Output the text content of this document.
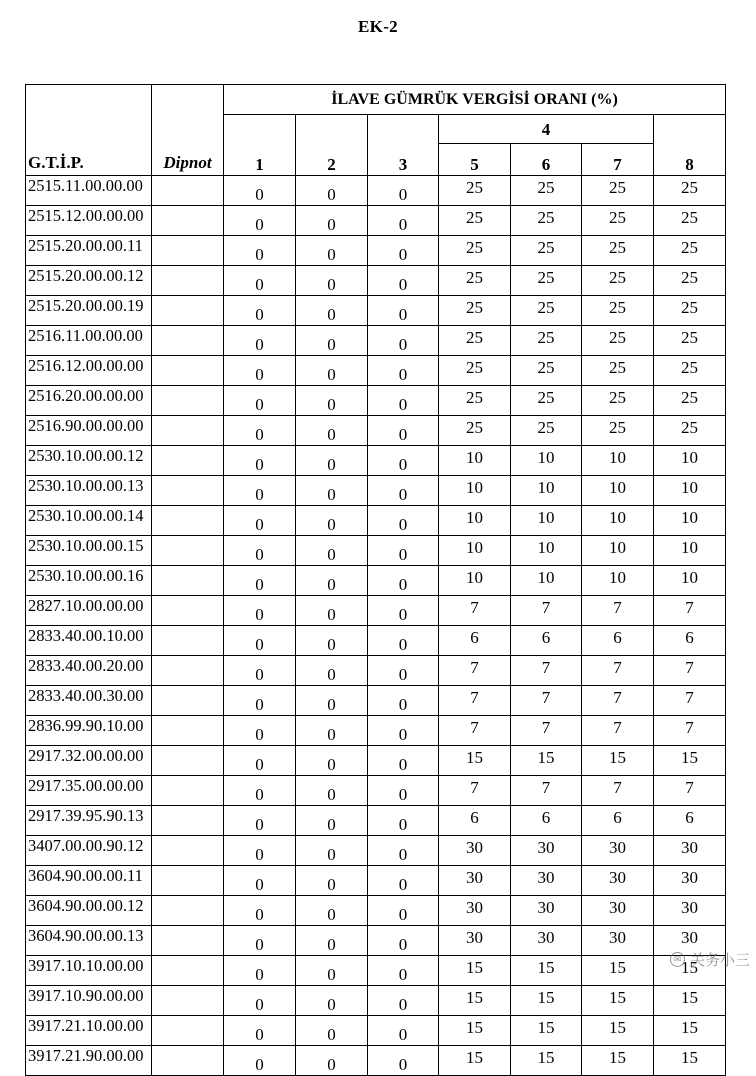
EK-2
G.T.İ.P.	Dipnot	İLAVE GÜMRÜK VERGİSİ ORANI (%)						
		1	2	3	4			8
					5	6	7	
2515.11.00.00.00		0	0	0	25	25	25	25
2515.12.00.00.00		0	0	0	25	25	25	25
2515.20.00.00.11		0	0	0	25	25	25	25
2515.20.00.00.12		0	0	0	25	25	25	25
2515.20.00.00.19		0	0	0	25	25	25	25
2516.11.00.00.00		0	0	0	25	25	25	25
2516.12.00.00.00		0	0	0	25	25	25	25
2516.20.00.00.00		0	0	0	25	25	25	25
2516.90.00.00.00		0	0	0	25	25	25	25
2530.10.00.00.12		0	0	0	10	10	10	10
2530.10.00.00.13		0	0	0	10	10	10	10
2530.10.00.00.14		0	0	0	10	10	10	10
2530.10.00.00.15		0	0	0	10	10	10	10
2530.10.00.00.16		0	0	0	10	10	10	10
2827.10.00.00.00		0	0	0	7	7	7	7
2833.40.00.10.00		0	0	0	6	6	6	6
2833.40.00.20.00		0	0	0	7	7	7	7
2833.40.00.30.00		0	0	0	7	7	7	7
2836.99.90.10.00		0	0	0	7	7	7	7
2917.32.00.00.00		0	0	0	15	15	15	15
2917.35.00.00.00		0	0	0	7	7	7	7
2917.39.95.90.13		0	0	0	6	6	6	6
3407.00.00.90.12		0	0	0	30	30	30	30
3604.90.00.00.11		0	0	0	30	30	30	30
3604.90.00.00.12		0	0	0	30	30	30	30
3604.90.00.00.13		0	0	0	30	30	30	30
3917.10.10.00.00		0	0	0	15	15	15	15
3917.10.90.00.00		0	0	0	15	15	15	15
3917.21.10.00.00		0	0	0	15	15	15	15
3917.21.90.00.00		0	0	0	15	15	15	15
✉ 关务小三
